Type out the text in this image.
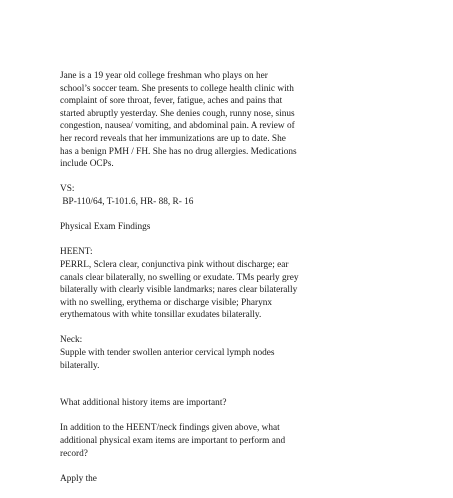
Jane is a 19 year old college freshman who plays on her
school’s soccer team. She presents to college health clinic with
complaint of sore throat, fever, fatigue, aches and pains that
started abruptly yesterday. She denies cough, runny nose, sinus
congestion, nausea/ vomiting, and abdominal pain. A review of
her record reveals that her immunizations are up to date. She
has a benign PMH / FH. She has no drug allergies. Medications
include OCPs.

VS:
BP-110/64, T-101.6, HR- 88, R- 16

Physical Exam Findings

HEENT:
PERRL, Sclera clear, conjunctiva pink without discharge; ear
canals clear bilaterally, no swelling or exudate. TMs pearly grey
bilaterally with clearly visible landmarks; nares clear bilaterally
with no swelling, erythema or discharge visible; Pharynx
erythematous with white tonsillar exudates bilaterally.
Neck:
Supple with tender swollen anterior cervical lymph nodes
bilaterally.

What additional history items are important?

In addition to the HEENT/neck findings given above, what
additional physical exam items are important to perform and
record?

Apply the
